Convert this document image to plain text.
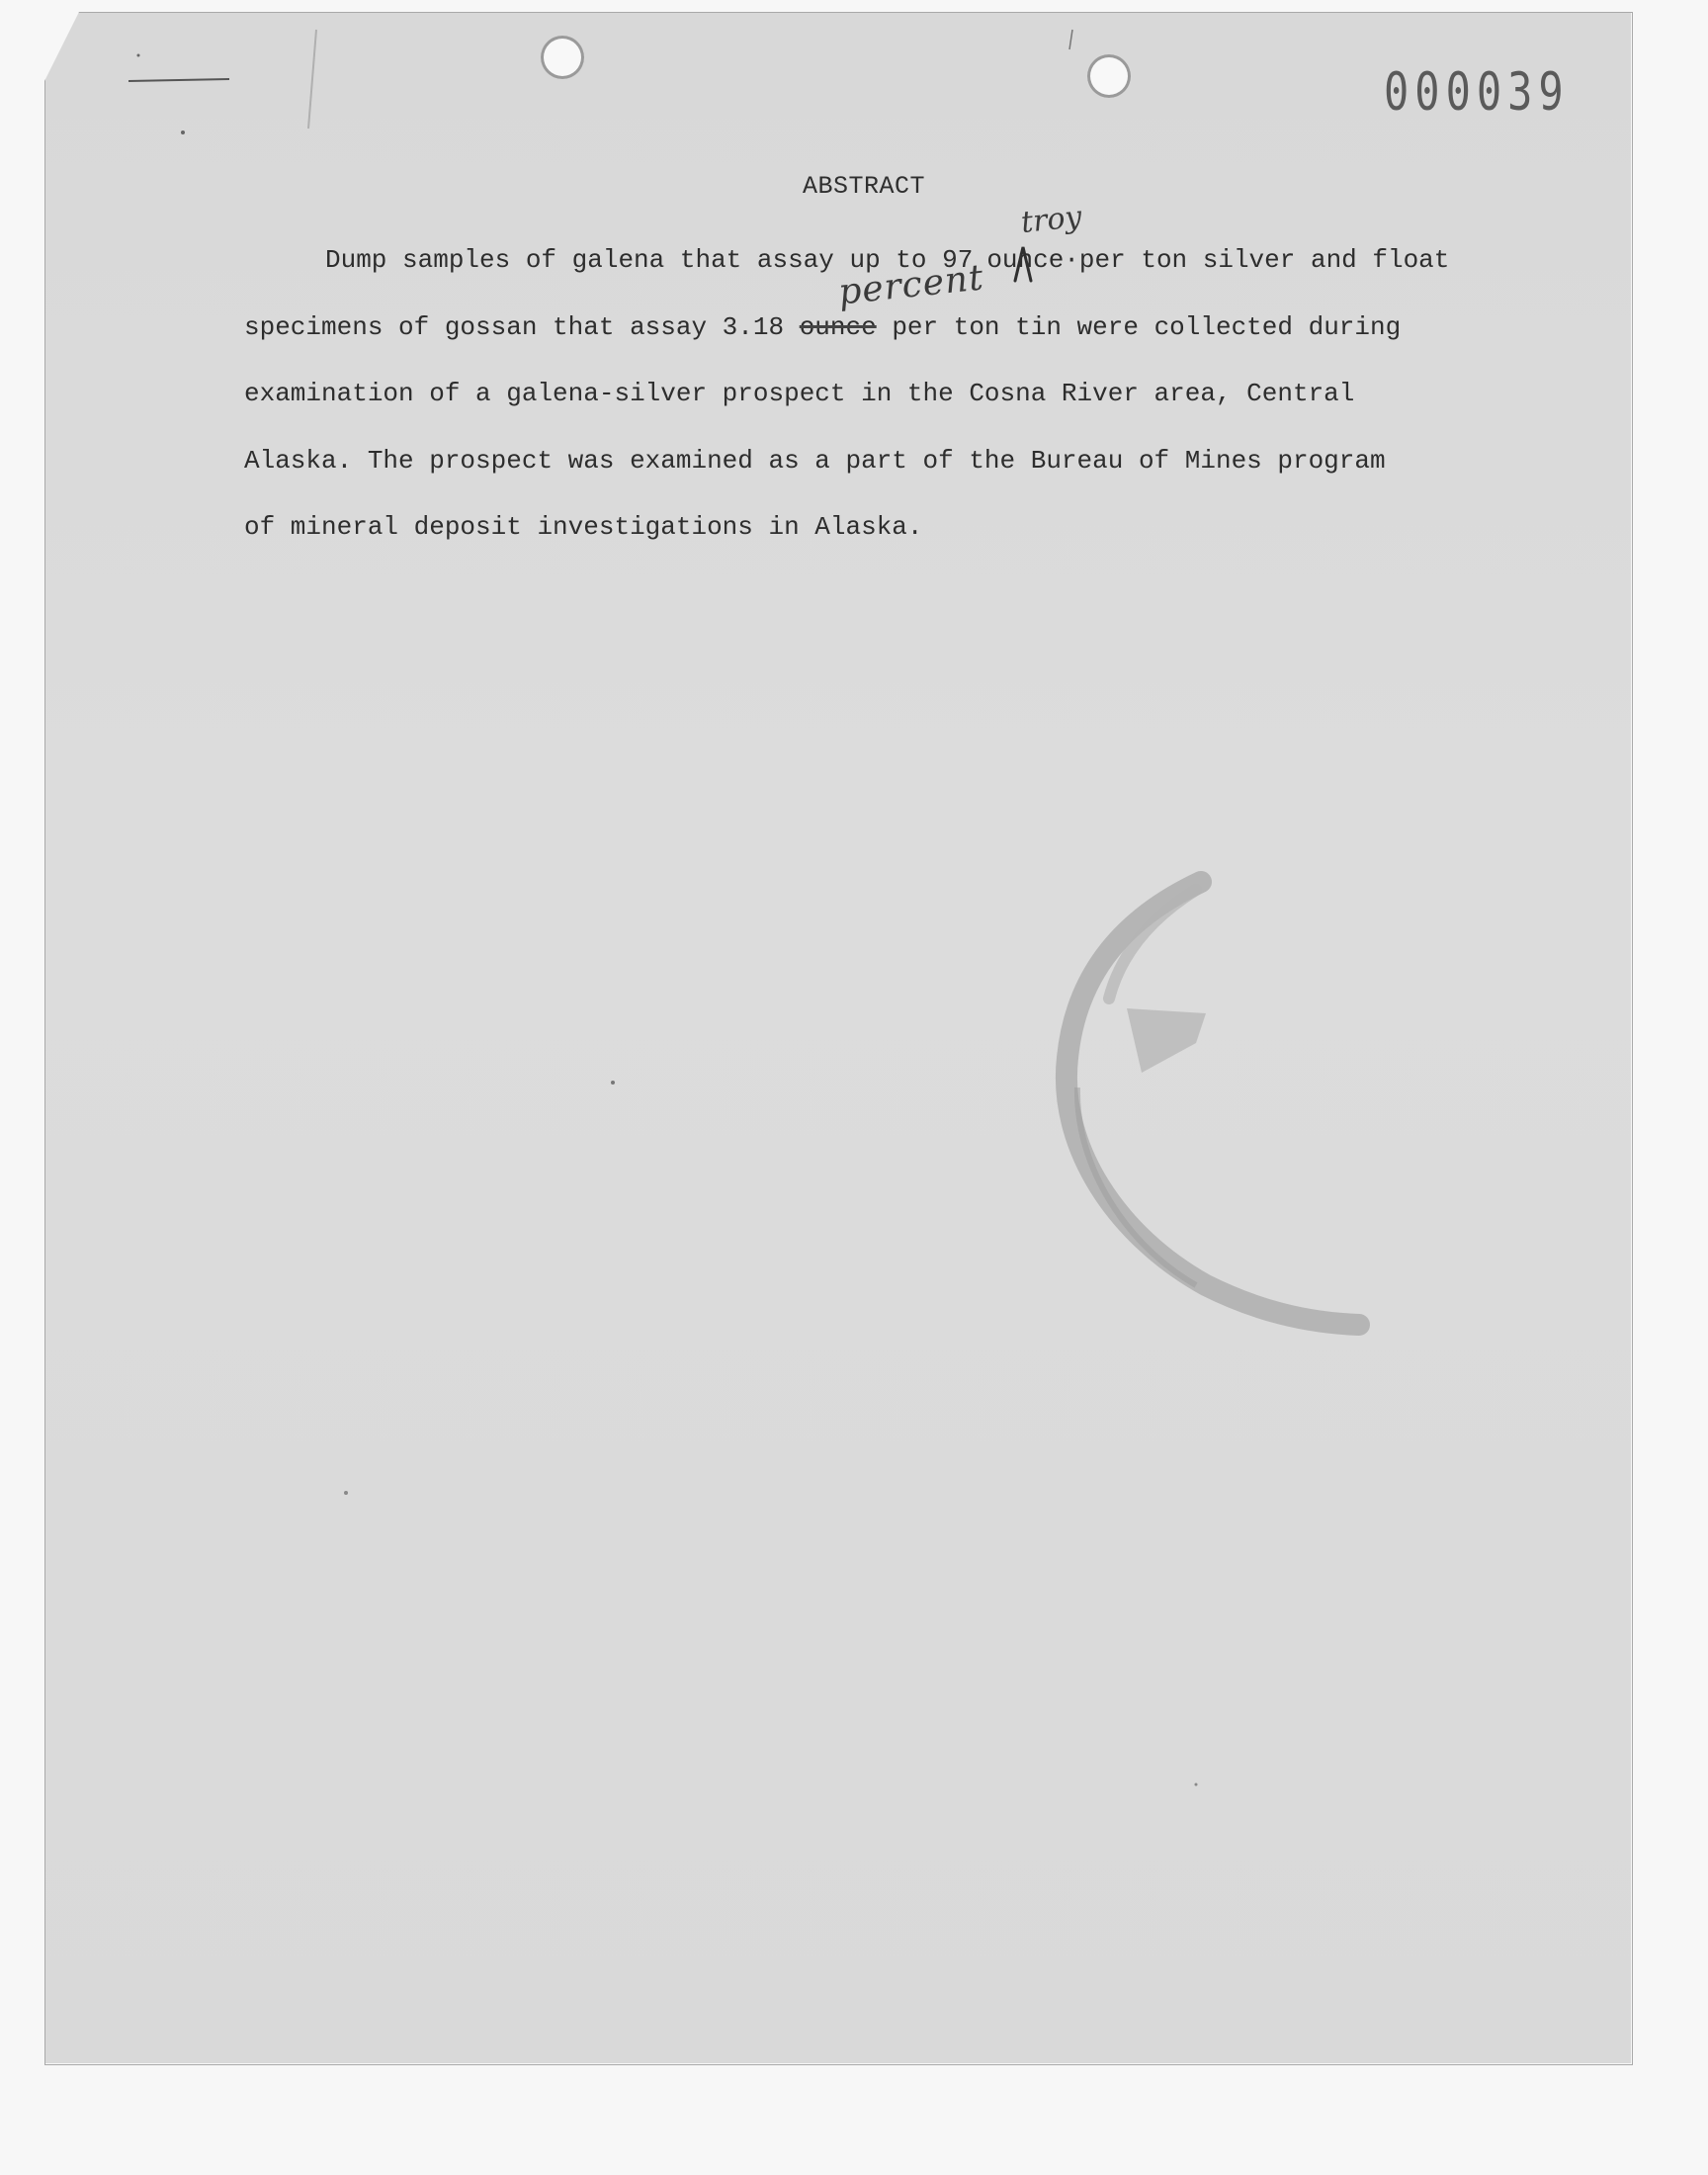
000039
ABSTRACT
Dump samples of galena that assay up to 97 ounce·per ton silver and float
specimens of gossan that assay 3.18 ounce per ton tin were collected during
examination of a galena-silver prospect in the Cosna River area, Central
Alaska. The prospect was examined as a part of the Bureau of Mines program
of mineral deposit investigations in Alaska.
troy
percent
